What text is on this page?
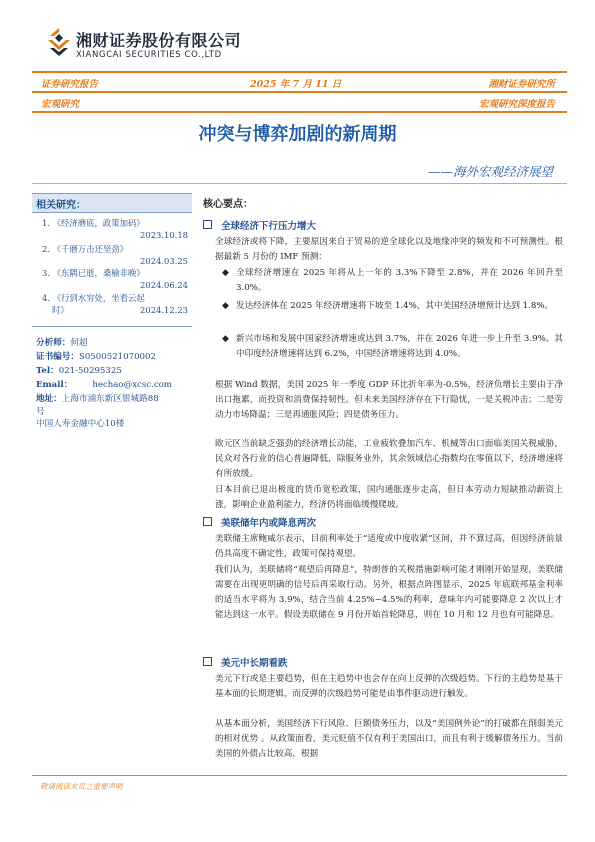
湘财证券股份有限公司
XIANGCAI SECURITIES CO.,LTD
证券研究报告	2025 年 7 月 11 日	湘财证券研究所
宏观研究	宏观研究深度报告
冲突与博弈加剧的新周期
——海外宏观经济展望
相关研究：
1. 《经济磨底，政策加码》
2023.10.18
2. 《千磨万击还坚劲》
2024.03.25
3. 《东隅已逝，桑榆非晚》
2024.06.24
4. 《行到水穷处，坐看云起
时》	2024.12.23
分析师：何超
证书编号：S0500521070002
Tel：021-50295325
Email： hechao@xcsc.com
地址：上海市浦东新区银城路88
号
中国人寿金融中心10楼
核心要点：
全球经济下行压力增大
全球经济或将下降，主要原因来自于贸易的逆全球化以及地缘冲突的频发和不可预测性。根据最新 5 月份的 IMF 预测：
◆ 全球经济增速在 2025 年将从上一年的 3.3%下降至 2.8%，并在 2026 年回升至 3.0%。
◆ 发达经济体在 2025 年经济增速将下坡至 1.4%，其中美国经济增预计达到 1.8%。
◆ 新兴市场和发展中国家经济增速或达到 3.7%，并在 2026 年进一步上升至 3.9%。其中印度经济增速将达到 6.2%，中国经济增速将达到 4.0%。
根据 Wind 数据，美国 2025 年一季度 GDP 环比折年率为-0.5%，经济负增长主要由于净出口拖累，而投资和消费保持韧性。但未来美国经济存在下行隐忧，一是关税冲击；二是劳动力市场降温；三是再通胀风险；四是债务压力。
欧元区当前缺乏强劲的经济增长动能，工业疲软叠加汽车、机械等出口面临美国关税威胁，民众对各行业的信心普遍降低，除服务业外，其余领域信心指数均在零值以下，经济增速将有所放缓。
日本目前已退出极度的货币宽松政策，国内通胀逐步走高，但日本劳动力短缺推动薪资上涨，影响企业盈利能力，经济仍将面临缓慢爬坡。
美联储年内或降息两次
美联储主席鲍威尔表示，目前利率处于“适度或中度收紧”区间，并不算过高，但因经济前景仍具高度不确定性，政策可保持观望。
我们认为，美联储将“观望后再降息”，特朗普的关税措施影响可能才刚刚开始显现，美联储需要在出现更明确的信号后再采取行动。另外，根据点阵图显示，2025 年底联邦基金利率的适当水平将为 3.9%，结合当前 4.25%~4.5%的利率，意味年内可能要降息 2 次以上才能达到这一水平。假设美联储在 9 月份开始首轮降息，则在 10 月和 12 月也有可能降息。
美元中长期看跌
美元下行或是主要趋势，但在主趋势中也会存在向上反弹的次级趋势。下行的主趋势是基于基本面的长期逻辑，而反弹的次级趋势可能是由事件驱动进行触发。
从基本面分析，美国经济下行风险、巨额债务压力，以及“美国例外论”的打破都在削弱美元的相对优势 。从政策面看，美元贬值不仅有利于美国出口，而且有利于缓解债务压力。当前美国的外债占比较高，根据
敬请阅读末页之重要声明
